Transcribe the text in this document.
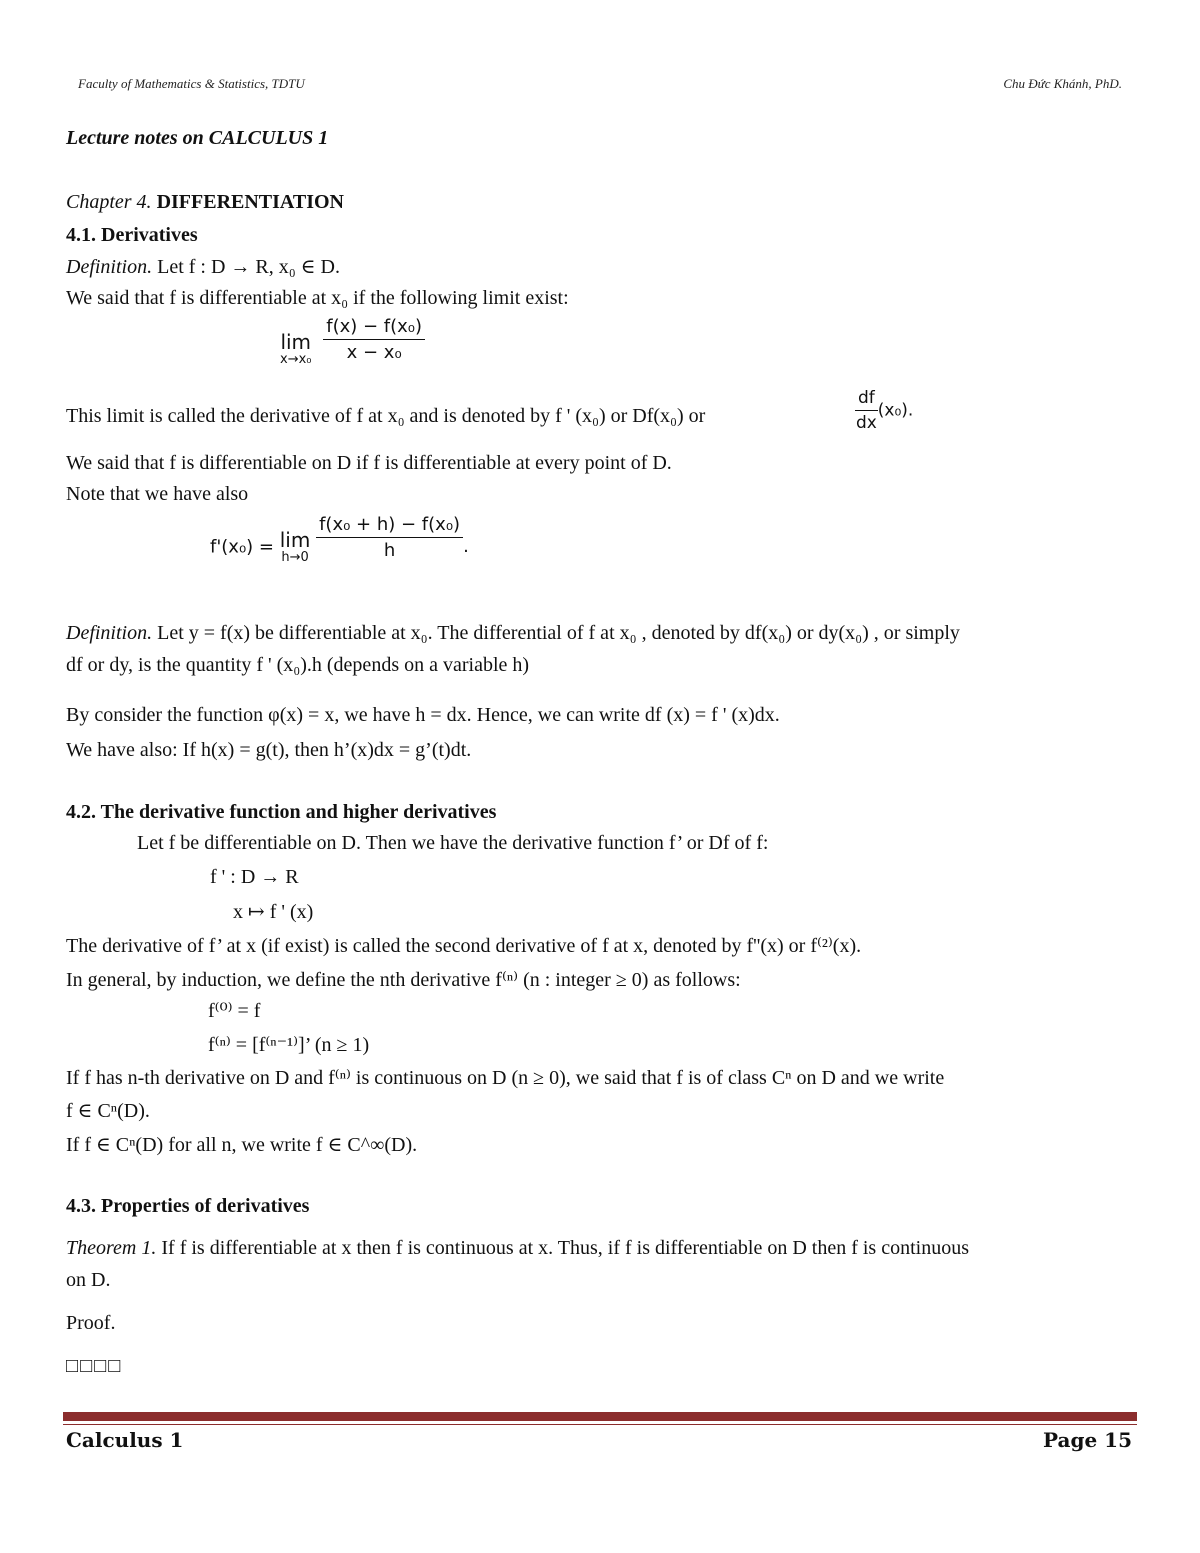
Faculty of Mathematics & Statistics, TDTU	Chu Đức Khánh, PhD.
Lecture notes on CALCULUS 1
Chapter 4. DIFFERENTIATION
4.1. Derivatives
Definition. Let f : D → R, x₀ ∈ D.
We said that f is differentiable at x₀ if the following limit exist:
lim
x→x₀
$\frac{\text{f(x) − f(x₀)}}{\text{x − x₀}}$
This limit is called the derivative of f at x₀ and is denoted by f ' (x₀) or Df(x₀) or	$\frac{df}{dx} (x_0)$.
We said that f is differentiable on D if f is differentiable at every point of D.
Note that we have also
f'(x₀) = lim
h→0
$\frac{\text{f(x₀ + h) − f(x₀)}}{h}$ .
Definition. Let y = f(x) be differentiable at x₀. The differential of f at x₀ , denoted by df(x₀) or dy(x₀) , or simply
df or dy, is the quantity f ' (x₀).h (depends on a variable h)
By consider the function φ(x) = x, we have h = dx. Hence, we can write df (x) = f ' (x)dx.
We have also: If h(x) = g(t), then h’(x)dx = g’(t)dt.
4.2. The derivative function and higher derivatives
Let f be differentiable on D. Then we have the derivative function f’ or Df of f:
f ' : D → R
x ↦ f ' (x)
The derivative of f’ at x (if exist) is called the second derivative of f at x, denoted by f''(x) or f⁽²⁾(x).
In general, by induction, we define the nth derivative f⁽ⁿ⁾ (n : integer ≥ 0) as follows:
f⁽⁰⁾ = f
f⁽ⁿ⁾ = [f⁽ⁿ⁻¹⁾]’ (n ≥ 1)
If f has n-th derivative on D and f⁽ⁿ⁾ is continuous on D (n ≥ 0), we said that f is of class Cⁿ on D and we write
f ∈ Cⁿ(D).
If f ∈ Cⁿ(D) for all n, we write f ∈ C^∞(D).
4.3. Properties of derivatives
Theorem 1. If f is differentiable at x then f is continuous at x. Thus, if f is differentiable on D then f is continuous
on D.
Proof.
□□□□
Calculus 1	Page 15
